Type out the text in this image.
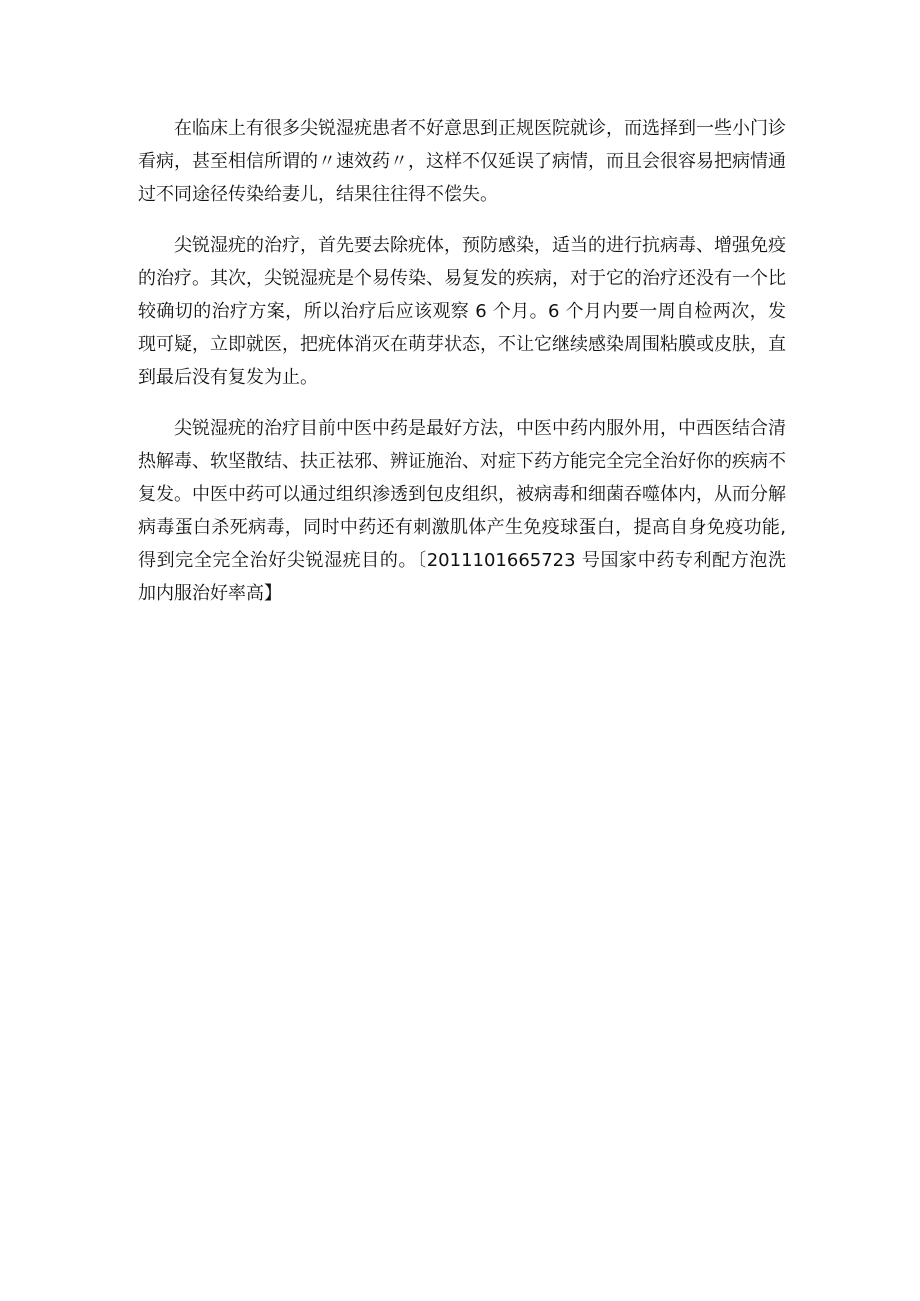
在临床上有很多尖锐湿疣患者不好意思到正规医院就诊，而选择到一些小门诊看病，甚至相信所谓的〃速效药〃，这样不仅延误了病情，而且会很容易把病情通过不同途径传染给妻儿，结果往往得不偿失。

尖锐湿疣的治疗，首先要去除疣体，预防感染，适当的进行抗病毒、增强免疫的治疗。其次，尖锐湿疣是个易传染、易复发的疾病，对于它的治疗还没有一个比较确切的治疗方案，所以治疗后应该观察 6 个月。6 个月内要一周自检两次，发现可疑，立即就医，把疣体消灭在萌芽状态，不让它继续感染周围粘膜或皮肤，直到最后没有复发为止。

尖锐湿疣的治疗目前中医中药是最好方法，中医中药内服外用，中西医结合清热解毒、软坚散结、扶正祛邪、辨证施治、对症下药方能完全完全治好你的疾病不复发。中医中药可以通过组织渗透到包皮组织，被病毒和细菌吞噬体内，从而分解病毒蛋白杀死病毒，同时中药还有刺激肌体产生免疫球蛋白，提高自身免疫功能,得到完全完全治好尖锐湿疣目的。〔2011101665723 号国家中药专利配方泡洗加内服治好率高】
